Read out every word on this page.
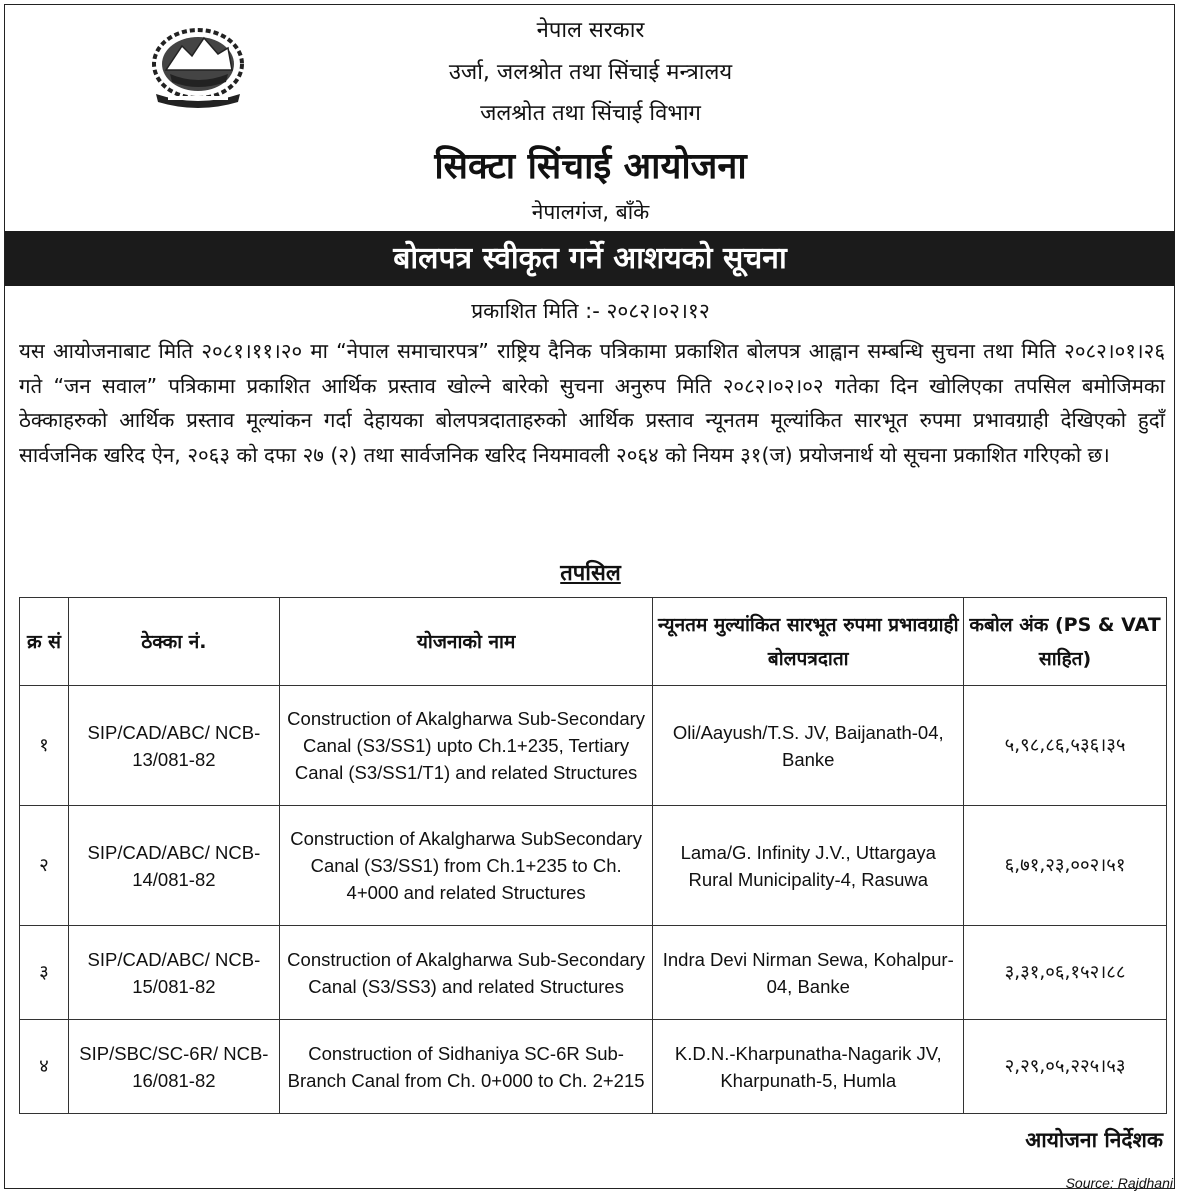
नेपाल सरकार
उर्जा, जलश्रोत तथा सिंचाई मन्त्रालय
जलश्रोत तथा सिंचाई विभाग
सिक्टा सिंचाई आयोजना
नेपालगंज, बाँके
बोलपत्र स्वीकृत गर्ने आशयको सूचना
प्रकाशित मिति :- २०८२।०२।१२
यस आयोजनाबाट मिति २०८१।११।२० मा “नेपाल समाचारपत्र” राष्ट्रिय दैनिक पत्रिकामा प्रकाशित बोलपत्र आह्वान सम्बन्धि सुचना तथा मिति २०८२।०१।२६ गते “जन सवाल” पत्रिकामा प्रकाशित आर्थिक प्रस्ताव खोल्ने बारेको सुचना अनुरुप मिति २०८२।०२।०२ गतेका दिन खोलिएका तपसिल बमोजिमका ठेक्काहरुको आर्थिक प्रस्ताव मूल्यांकन गर्दा देहायका बोलपत्रदाताहरुको आर्थिक प्रस्ताव न्यूनतम मूल्यांकित सारभूत रुपमा प्रभावग्राही देखिएको हुदाँ सार्वजनिक खरिद ऐन, २०६३ को दफा २७ (२) तथा सार्वजनिक खरिद नियमावली २०६४ को नियम ३१(ज) प्रयोजनार्थ यो सूचना प्रकाशित गरिएको छ।
तपसिल
क्र सं	ठेक्का नं.	योजनाको नाम	न्यूनतम मुल्यांकित सारभूत रुपमा प्रभावग्राही बोलपत्रदाता	कबोल अंक (PS & VAT साहित)
१	SIP/CAD/ABC/ NCB-13/081-82	Construction of Akalgharwa Sub-Secondary Canal (S3/SS1) upto Ch.1+235, Tertiary Canal (S3/SS1/T1) and related Structures	Oli/Aayush/T.S. JV, Baijanath-04, Banke	५,९८,८६,५३६।३५
२	SIP/CAD/ABC/ NCB-14/081-82	Construction of Akalgharwa SubSecondary Canal (S3/SS1) from Ch.1+235 to Ch. 4+000 and related Structures	Lama/G. Infinity J.V., Uttargaya Rural Municipality-4, Rasuwa	६,७१,२३,००२।५१
३	SIP/CAD/ABC/ NCB-15/081-82	Construction of Akalgharwa Sub-Secondary Canal (S3/SS3) and related Structures	Indra Devi Nirman Sewa, Kohalpur-04, Banke	३,३१,०६,१५२।८८
४	SIP/SBC/SC-6R/ NCB-16/081-82	Construction of Sidhaniya SC-6R Sub-Branch Canal from Ch. 0+000 to Ch. 2+215	K.D.N.-Kharpunatha-Nagarik JV, Kharpunath-5, Humla	२,२९,०५,२२५।५३
आयोजना निर्देशक
Source: Rajdhani
